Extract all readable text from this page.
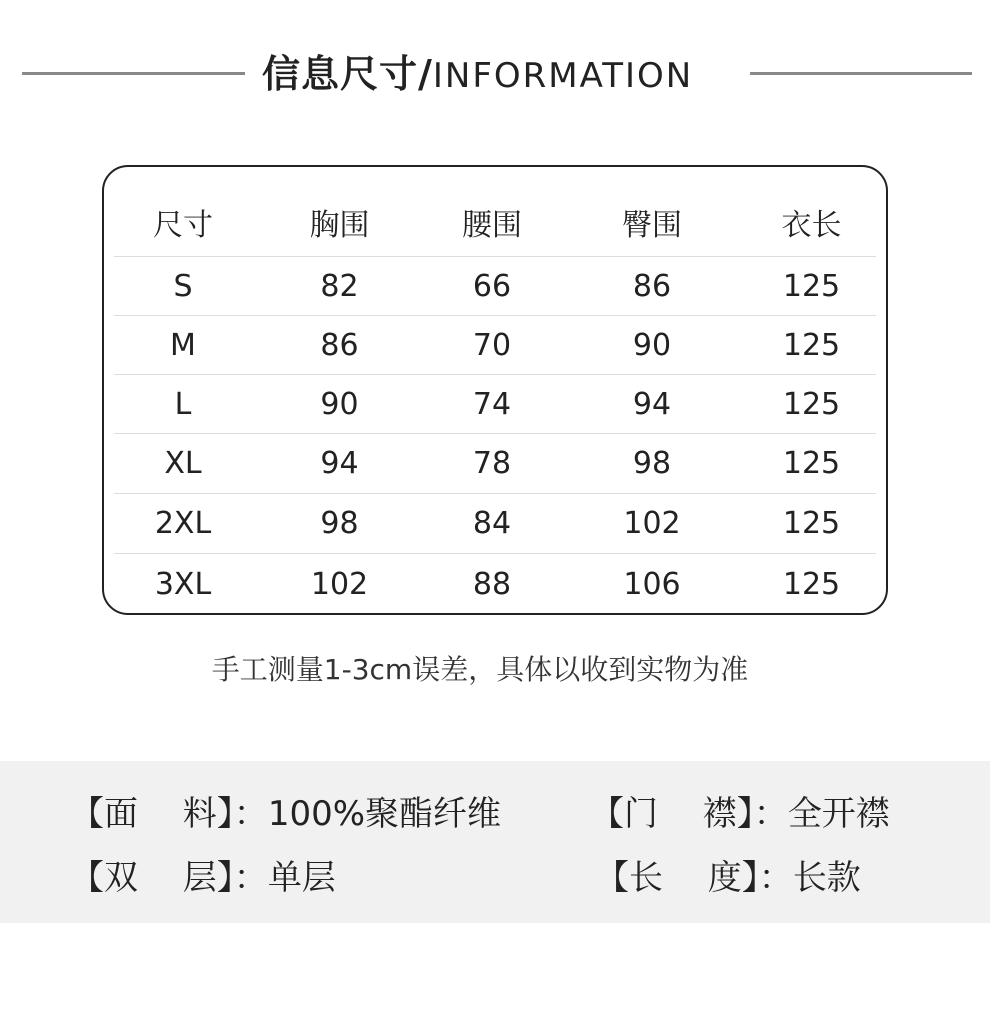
信息尺寸/INFORMATION
尺寸	胸围	腰围	臀围	衣长
S	82	66	86	125
M	86	70	90	125
L	90	74	94	125
XL	94	78	98	125
2XL	98	84	102	125
3XL	102	88	106	125
手工测量1-3cm误差，具体以收到实物为准
【面　 料】：100%聚酯纤维	【门　 襟】：全开襟
【双　 层】：单层	【长　 度】：长款
